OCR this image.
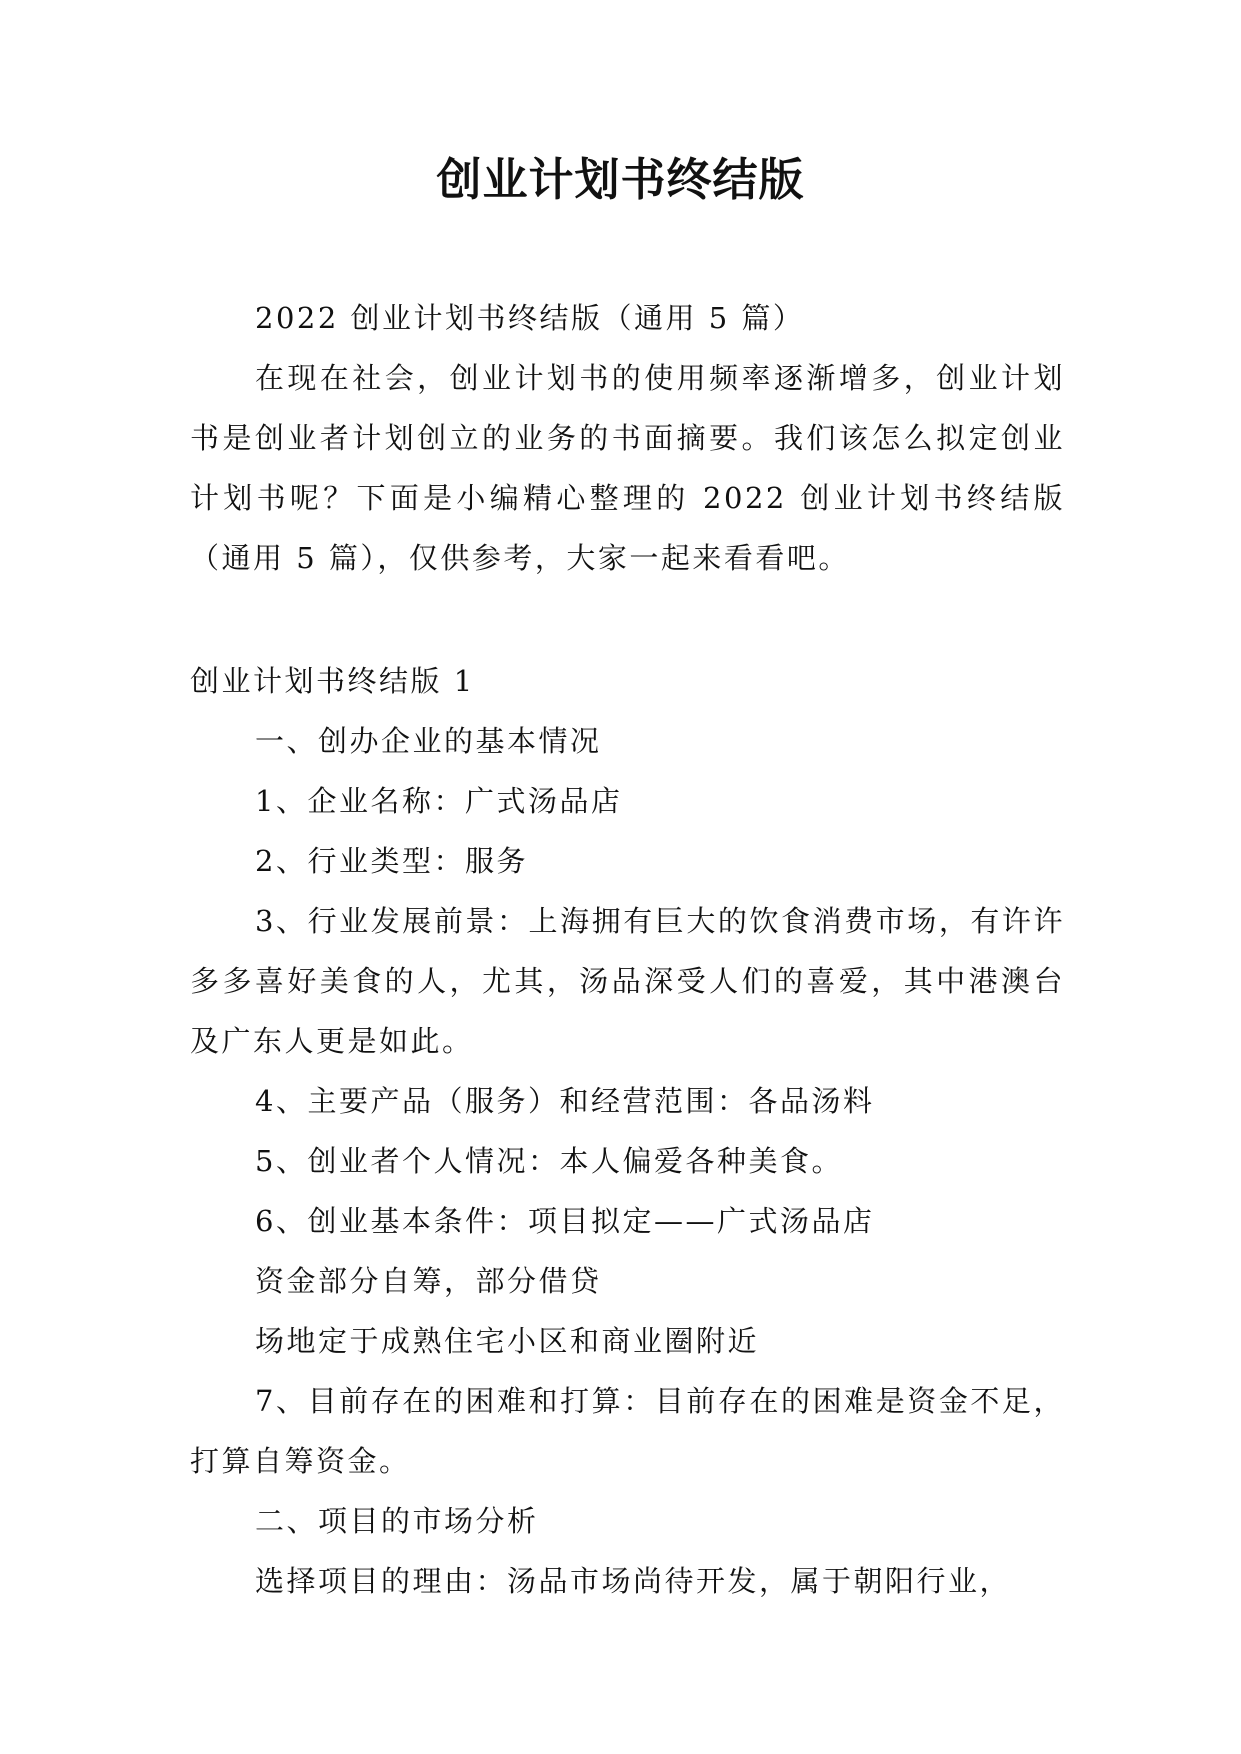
创业计划书终结版

2022 创业计划书终结版（通用 5 篇）

在现在社会，创业计划书的使用频率逐渐增多，创业计划书是创业者计划创立的业务的书面摘要。我们该怎么拟定创业计划书呢？下面是小编精心整理的 2022 创业计划书终结版（通用 5 篇），仅供参考，大家一起来看看吧。

创业计划书终结版 1

一、创办企业的基本情况

1、企业名称：广式汤品店

2、行业类型：服务

3、行业发展前景：上海拥有巨大的饮食消费市场，有许许多多喜好美食的人，尤其，汤品深受人们的喜爱，其中港澳台及广东人更是如此。

4、主要产品（服务）和经营范围：各品汤料

5、创业者个人情况：本人偏爱各种美食。

6、创业基本条件：项目拟定——广式汤品店

资金部分自筹，部分借贷

场地定于成熟住宅小区和商业圈附近

7、目前存在的困难和打算：目前存在的困难是资金不足，打算自筹资金。

二、项目的市场分析

选择项目的理由：汤品市场尚待开发，属于朝阳行业，
